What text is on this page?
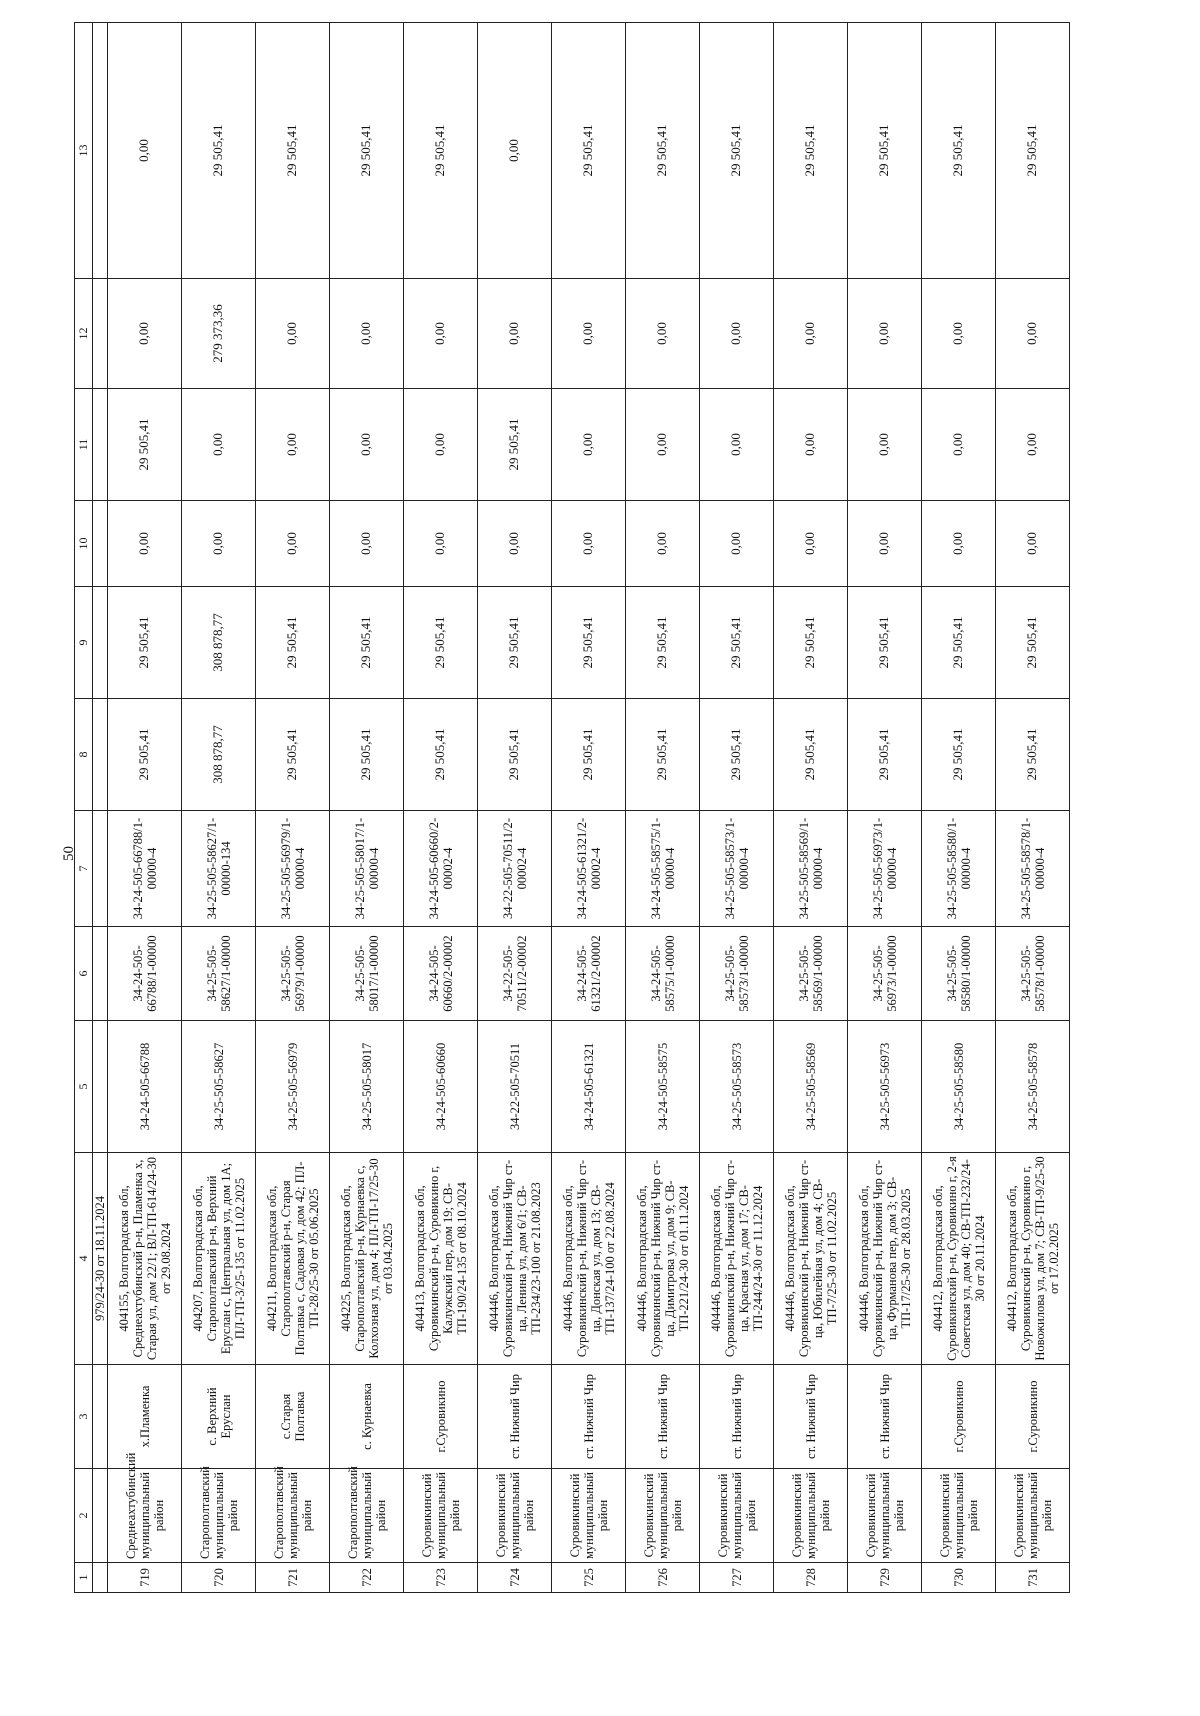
50
1	2	3	4	5	6	7	8	9	10	11	12	13
			979/24-30 от 18.11.2024									
719	Среднеахтубинский муниципальный район	х.Пламенка	404155, Волгоградская обл, Среднеахтубинский р-н, Пламенка х, Старая ул, дом 22/1; ВЛ-ТП-614/24-30 от 29.08.2024	34-24-505-66788	34-24-505-66788/1-00000	34-24-505-66788/1-00000-4	29 505,41	29 505,41	0,00	29 505,41	0,00	0,00
720	Старополтавский муниципальный район	с. Верхний Еруслан	404207, Волгоградская обл, Старополтавский р-н, Верхний Еруслан с, Центральная ул, дом 1А; ПЛ-ТП-3/25-135 от 11.02.2025	34-25-505-58627	34-25-505-58627/1-00000	34-25-505-58627/1-00000-134	308 878,77	308 878,77	0,00	0,00	279 373,36	29 505,41
721	Старополтавский муниципальный район	с.Старая Полтавка	404211, Волгоградская обл, Старополтавский р-н, Старая Полтавка с, Садовая ул, дом 42; ПЛ-ТП-28/25-30 от 05.06.2025	34-25-505-56979	34-25-505-56979/1-00000	34-25-505-56979/1-00000-4	29 505,41	29 505,41	0,00	0,00	0,00	29 505,41
722	Старополтавский муниципальный район	с. Курнаевка	404225, Волгоградская обл, Старополтавский р-н, Курнаевка с, Колхозная ул, дом 4; ПЛ-ТП-17/25-30 от 03.04.2025	34-25-505-58017	34-25-505-58017/1-00000	34-25-505-58017/1-00000-4	29 505,41	29 505,41	0,00	0,00	0,00	29 505,41
723	Суровикинский муниципальный район	г.Суровикино	404413, Волгоградская обл, Суровикинский р-н, Суровикино г, Калужский пер, дом 19; СВ-ТП-190/24-135 от 08.10.2024	34-24-505-60660	34-24-505-60660/2-00002	34-24-505-60660/2-00002-4	29 505,41	29 505,41	0,00	0,00	0,00	29 505,41
724	Суровикинский муниципальный район	ст. Нижний Чир	404446, Волгоградская обл, Суровикинский р-н, Нижний Чир ст-ца, Ленина ул, дом 6/1; СВ-ТП-234/23-100 от 21.08.2023	34-22-505-70511	34-22-505-70511/2-00002	34-22-505-70511/2-00002-4	29 505,41	29 505,41	0,00	29 505,41	0,00	0,00
725	Суровикинский муниципальный район	ст. Нижний Чир	404446, Волгоградская обл, Суровикинский р-н, Нижний Чир ст-ца, Донская ул, дом 13; СВ-ТП-137/24-100 от 22.08.2024	34-24-505-61321	34-24-505-61321/2-00002	34-24-505-61321/2-00002-4	29 505,41	29 505,41	0,00	0,00	0,00	29 505,41
726	Суровикинский муниципальный район	ст. Нижний Чир	404446, Волгоградская обл, Суровикинский р-н, Нижний Чир ст-ца, Димитрова ул, дом 9; СВ-ТП-221/24-30 от 01.11.2024	34-24-505-58575	34-24-505-58575/1-00000	34-24-505-58575/1-00000-4	29 505,41	29 505,41	0,00	0,00	0,00	29 505,41
727	Суровикинский муниципальный район	ст. Нижний Чир	404446, Волгоградская обл, Суровикинский р-н, Нижний Чир ст-ца, Красная ул, дом 17; СВ-ТП-244/24-30 от 11.12.2024	34-25-505-58573	34-25-505-58573/1-00000	34-25-505-58573/1-00000-4	29 505,41	29 505,41	0,00	0,00	0,00	29 505,41
728	Суровикинский муниципальный район	ст. Нижний Чир	404446, Волгоградская обл, Суровикинский р-н, Нижний Чир ст-ца, Юбилейная ул, дом 4; СВ-ТП-7/25-30 от 11.02.2025	34-25-505-58569	34-25-505-58569/1-00000	34-25-505-58569/1-00000-4	29 505,41	29 505,41	0,00	0,00	0,00	29 505,41
729	Суровикинский муниципальный район	ст. Нижний Чир	404446, Волгоградская обл, Суровикинский р-н, Нижний Чир ст-ца, Фурманова пер, дом 3; СВ-ТП-17/25-30 от 28.03.2025	34-25-505-56973	34-25-505-56973/1-00000	34-25-505-56973/1-00000-4	29 505,41	29 505,41	0,00	0,00	0,00	29 505,41
730	Суровикинский муниципальный район	г.Суровикино	404412, Волгоградская обл, Суровикинский р-н, Суровикино г, 2-я Советская ул, дом 40; СВ-ТП-232/24-30 от 20.11.2024	34-25-505-58580	34-25-505-58580/1-00000	34-25-505-58580/1-00000-4	29 505,41	29 505,41	0,00	0,00	0,00	29 505,41
731	Суровикинский муниципальный район	г.Суровикино	404412, Волгоградская обл, Суровикинский р-н, Суровикино г, Новожилова ул, дом 7; СВ-ТП-9/25-30 от 17.02.2025	34-25-505-58578	34-25-505-58578/1-00000	34-25-505-58578/1-00000-4	29 505,41	29 505,41	0,00	0,00	0,00	29 505,41
